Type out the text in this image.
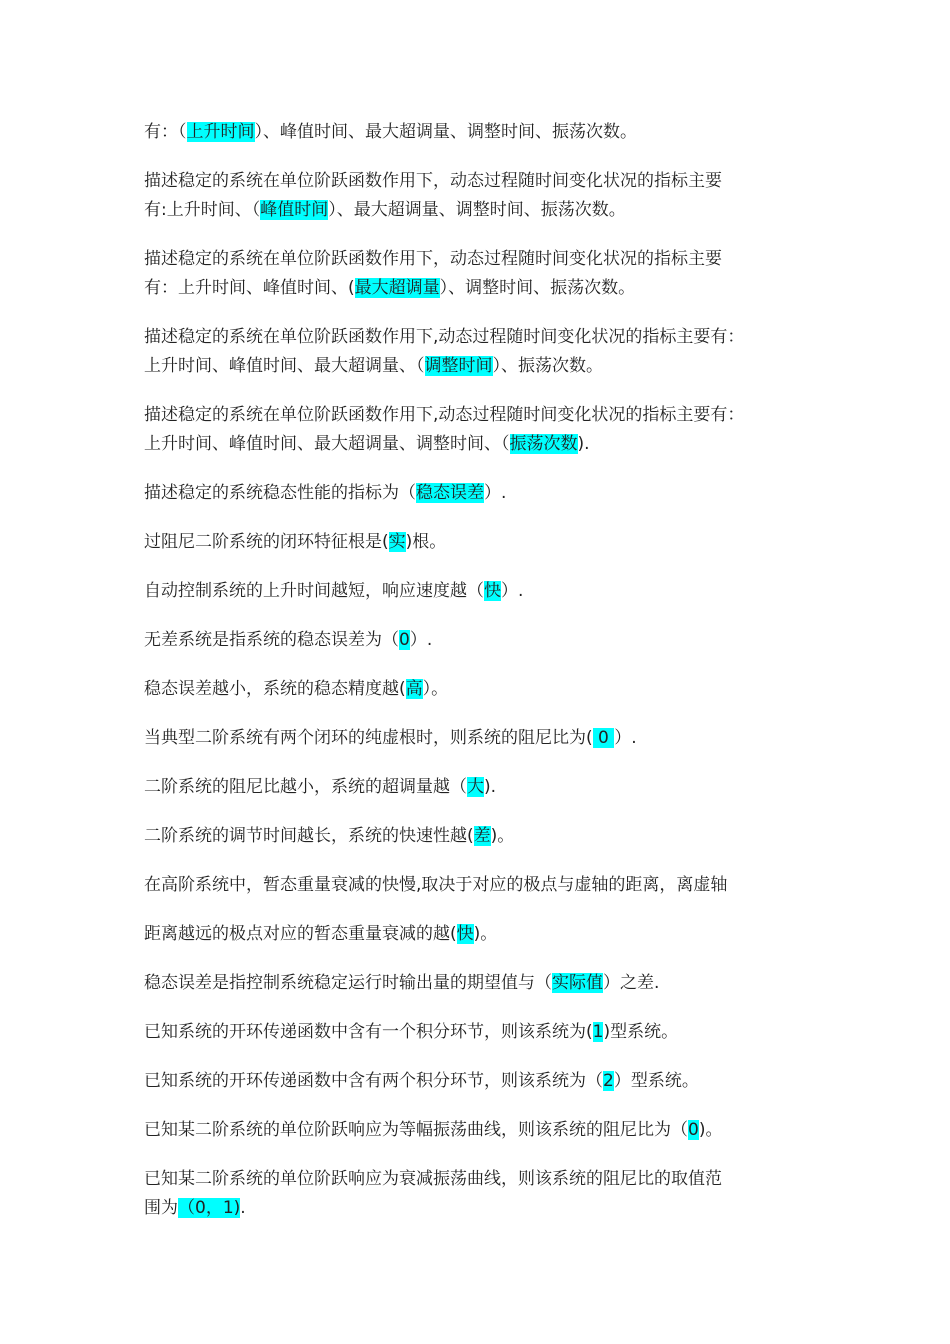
有：（上升时间）、峰值时间、最大超调量、调整时间、振荡次数。
描述稳定的系统在单位阶跃函数作用下，动态过程随时间变化状况的指标主要
有:上升时间、（峰值时间）、最大超调量、调整时间、振荡次数。
描述稳定的系统在单位阶跃函数作用下，动态过程随时间变化状况的指标主要
有：上升时间、峰值时间、(最大超调量）、调整时间、振荡次数。
描述稳定的系统在单位阶跃函数作用下,动态过程随时间变化状况的指标主要有：
上升时间、峰值时间、最大超调量、（调整时间）、振荡次数。
描述稳定的系统在单位阶跃函数作用下,动态过程随时间变化状况的指标主要有：
上升时间、峰值时间、最大超调量、调整时间、（振荡次数).
描述稳定的系统稳态性能的指标为（稳态误差）.
过阻尼二阶系统的闭环特征根是(实)根。
自动控制系统的上升时间越短，响应速度越（快）.
无差系统是指系统的稳态误差为（0）.
稳态误差越小，系统的稳态精度越(高）。
当典型二阶系统有两个闭环的纯虚根时，则系统的阻尼比为( 0 ）.
二阶系统的阻尼比越小，系统的超调量越（大).
二阶系统的调节时间越长，系统的快速性越(差)。
在高阶系统中，暂态重量衰减的快慢,取决于对应的极点与虚轴的距离，离虚轴
距离越远的极点对应的暂态重量衰减的越(快)。
稳态误差是指控制系统稳定运行时输出量的期望值与（实际值）之差.
已知系统的开环传递函数中含有一个积分环节，则该系统为(1)型系统。
已知系统的开环传递函数中含有两个积分环节，则该系统为（2）型系统。
已知某二阶系统的单位阶跃响应为等幅振荡曲线，则该系统的阻尼比为（0)。
已知某二阶系统的单位阶跃响应为衰减振荡曲线，则该系统的阻尼比的取值范
围为（0，1).
